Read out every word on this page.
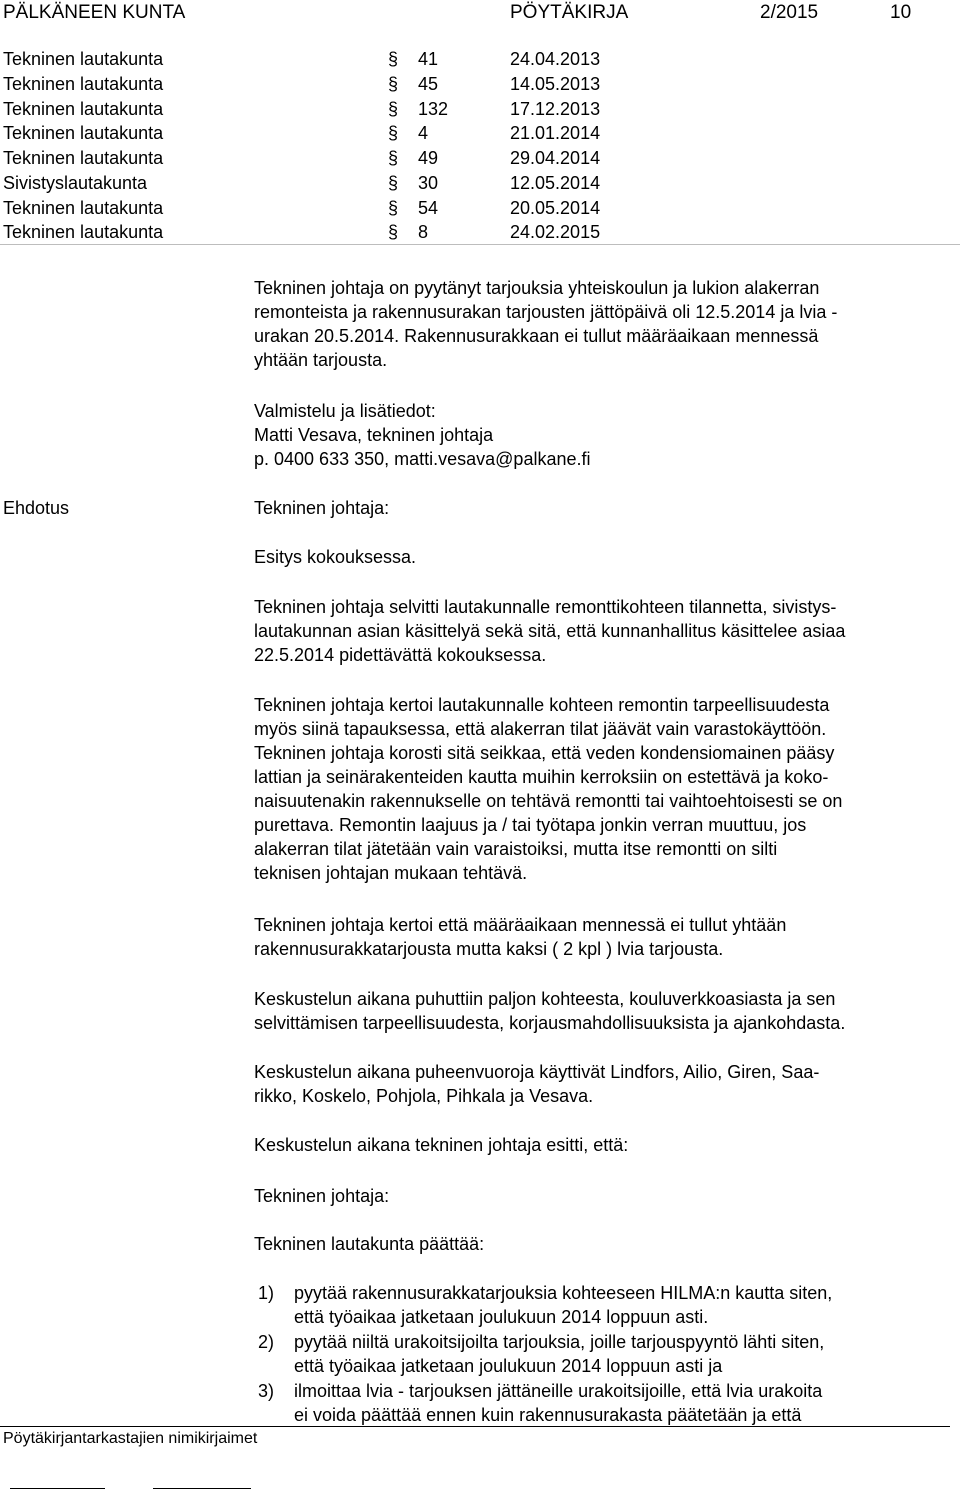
PÄLKÄNEEN KUNTA	PÖYTÄKIRJA	2/2015	10
Tekninen lautakunta	§ 41	24.04.2013
Tekninen lautakunta	§ 45	14.05.2013
Tekninen lautakunta	§ 132	17.12.2013
Tekninen lautakunta	§ 4	21.01.2014
Tekninen lautakunta	§ 49	29.04.2014
Sivistyslautakunta	§ 30	12.05.2014
Tekninen lautakunta	§ 54	20.05.2014
Tekninen lautakunta	§ 8	24.02.2015

Tekninen johtaja on pyytänyt tarjouksia yhteiskoulun ja lukion alakerran

remonteista ja rakennusurakan tarjousten jättöpäivä oli 12.5.2014 ja lvia -

urakan 20.5.2014. Rakennusurakkaan ei tullut määräaikaan mennessä

yhtään tarjousta.

Valmistelu ja lisätiedot:

Matti Vesava, tekninen johtaja

p. 0400 633 350, matti.vesava@palkane.fi

Ehdotus	Tekninen johtaja:
Esitys kokouksessa.

Tekninen johtaja selvitti lautakunnalle remonttikohteen tilannetta, sivistys-

lautakunnan asian käsittelyä sekä sitä, että kunnanhallitus käsittelee asiaa

22.5.2014 pidettävättä kokouksessa.

Tekninen johtaja kertoi lautakunnalle kohteen remontin tarpeellisuudesta

myös siinä tapauksessa, että alakerran tilat jäävät vain varastokäyttöön.

Tekninen johtaja korosti sitä seikkaa, että veden kondensiomainen pääsy

lattian ja seinärakenteiden kautta muihin kerroksiin on estettävä ja koko-

naisuutenakin rakennukselle on tehtävä remontti tai vaihtoehtoisesti se on

purettava. Remontin laajuus ja / tai työtapa jonkin verran muuttuu, jos

alakerran tilat jätetään vain varaistoiksi, mutta itse remontti on silti

teknisen johtajan mukaan tehtävä.

Tekninen johtaja kertoi että määräaikaan mennessä ei tullut yhtään

rakennusurakkatarjousta mutta kaksi ( 2 kpl ) lvia tarjousta.

Keskustelun aikana puhuttiin paljon kohteesta, kouluverkkoasiasta ja sen

selvittämisen tarpeellisuudesta, korjausmahdollisuuksista ja ajankohdasta.

Keskustelun aikana puheenvuoroja käyttivät Lindfors, Ailio, Giren, Saa-

rikko, Koskelo, Pohjola, Pihkala ja Vesava.

Keskustelun aikana tekninen johtaja esitti, että:
Tekninen johtaja:
Tekninen lautakunta päättää:
1) pyytää rakennusurakkatarjouksia kohteeseen HILMA:n kautta siten,

että työaikaa jatketaan joulukuun 2014 loppuun asti.

2) pyytää niiltä urakoitsijoilta tarjouksia, joille tarjouspyyntö lähti siten,

että työaikaa jatketaan joulukuun 2014 loppuun asti ja

3) ilmoittaa lvia - tarjouksen jättäneille urakoitsijoille, että lvia urakoita

ei voida päättää ennen kuin rakennusurakasta päätetään ja että

Pöytäkirjantarkastajien nimikirjaimet
